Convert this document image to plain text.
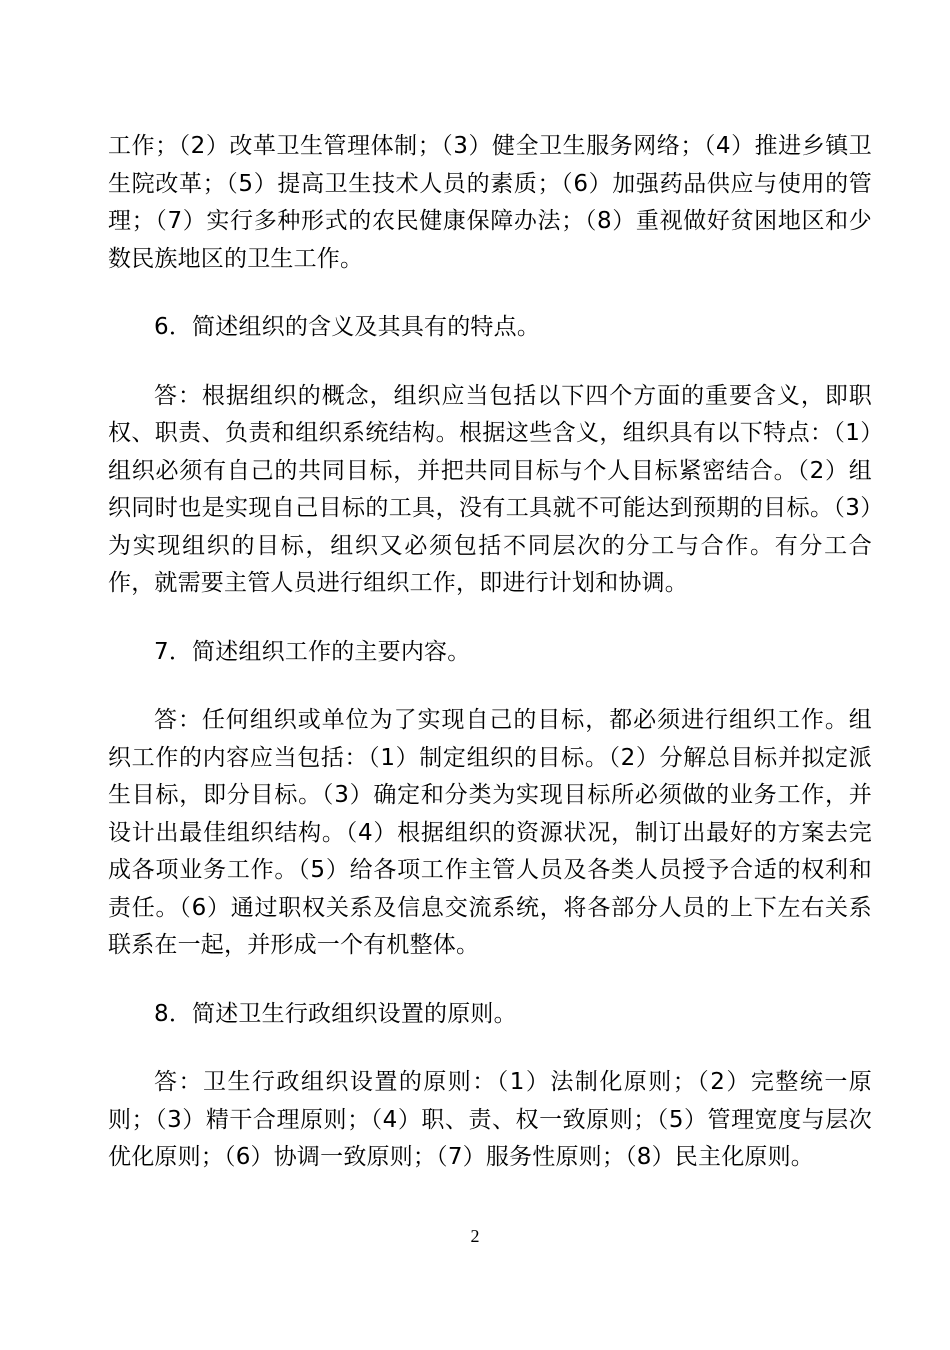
工作；（2）改革卫生管理体制；（3）健全卫生服务网络；（4）推进乡镇卫生院改革；（5）提高卫生技术人员的素质；（6）加强药品供应与使用的管理；（7）实行多种形式的农民健康保障办法；（8）重视做好贫困地区和少数民族地区的卫生工作。

6．简述组织的含义及其具有的特点。

答：根据组织的概念，组织应当包括以下四个方面的重要含义，即职权、职责、负责和组织系统结构。根据这些含义，组织具有以下特点：（1）组织必须有自己的共同目标，并把共同目标与个人目标紧密结合。（2）组织同时也是实现自己目标的工具，没有工具就不可能达到预期的目标。（3）为实现组织的目标，组织又必须包括不同层次的分工与合作。有分工合作，就需要主管人员进行组织工作，即进行计划和协调。

7．简述组织工作的主要内容。

答：任何组织或单位为了实现自己的目标，都必须进行组织工作。组织工作的内容应当包括：（1）制定组织的目标。（2）分解总目标并拟定派生目标，即分目标。（3）确定和分类为实现目标所必须做的业务工作，并设计出最佳组织结构。（4）根据组织的资源状况，制订出最好的方案去完成各项业务工作。（5）给各项工作主管人员及各类人员授予合适的权利和责任。（6）通过职权关系及信息交流系统，将各部分人员的上下左右关系联系在一起，并形成一个有机整体。

8．简述卫生行政组织设置的原则。

答：卫生行政组织设置的原则：（1）法制化原则；（2）完整统一原则；（3）精干合理原则；（4）职、责、权一致原则；（5）管理宽度与层次优化原则；（6）协调一致原则；（7）服务性原则；（8）民主化原则。

2
